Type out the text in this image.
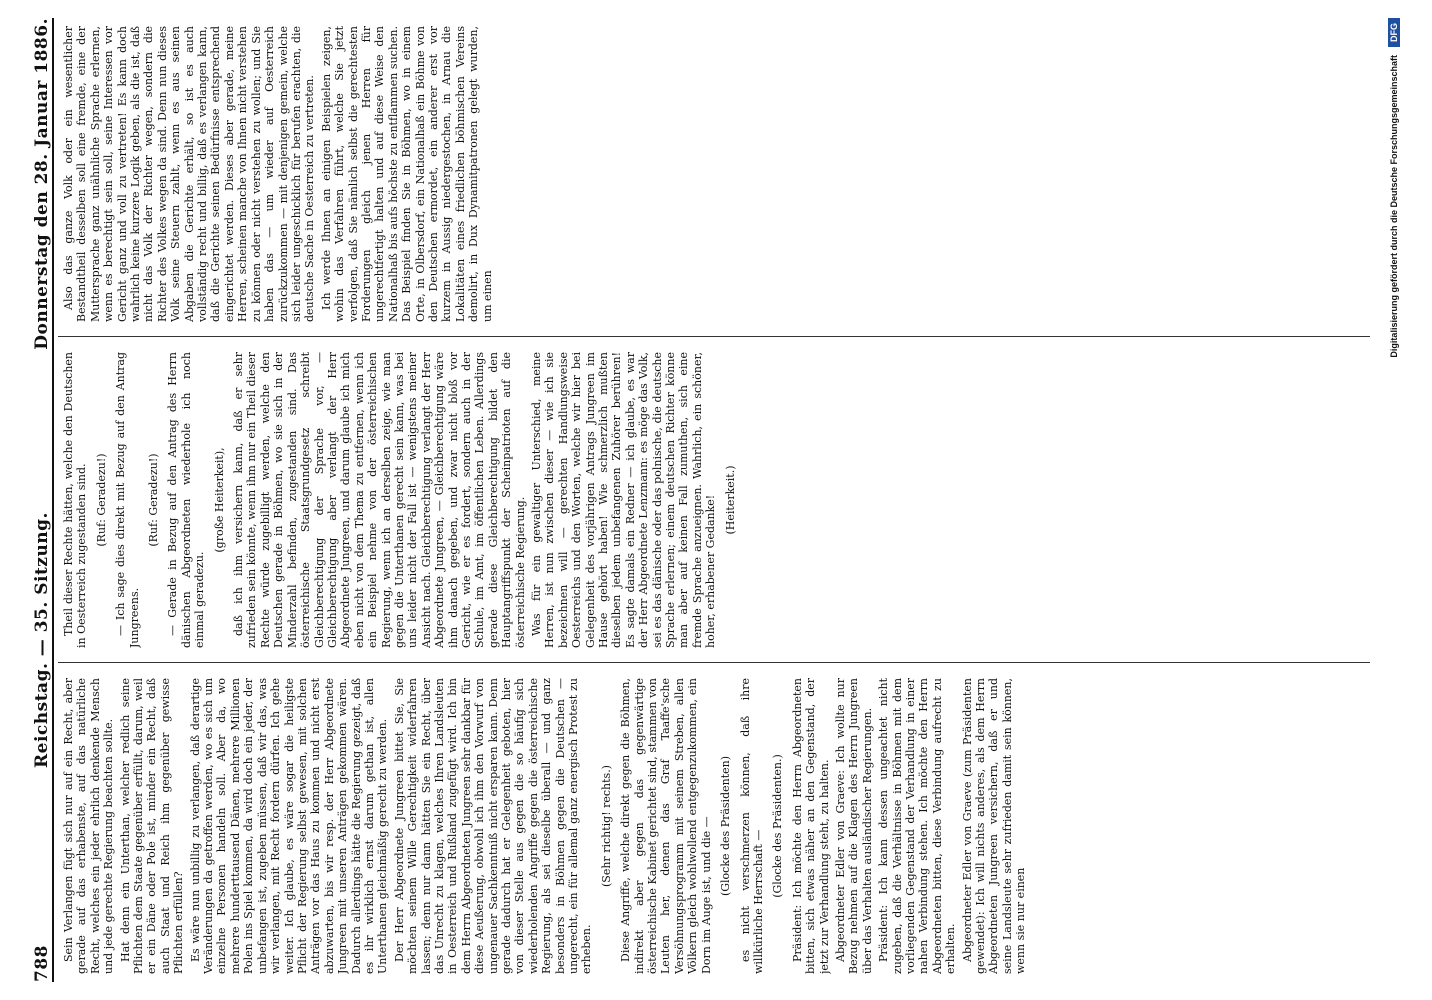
788
Reichstag. — 35. Sitzung.
Donnerstag den 28. Januar 1886.

Sein Verlangen fügt sich nur auf ein Recht, aber gerade auf das erhabenste, auf das natürliche Recht, welches ein jeder ehrlich denkende Mensch und jede gerechte Regierung beachten sollte. Hat denn ein Unterthan, welcher redlich seine Pflichten dem Staate gegenüber erfüllt, darum, weil er ein Däne oder Pole ist, minder ein Recht, daß auch Staat und Reich ihm gegenüber gewisse Pflichten erfüllen? Es wäre nun unbillig zu verlangen, daß derartige Veränderungen da getroffen werden, wo es sich um einzelne Personen handeln soll. Aber da, wo mehrere hunderttausend Dänen, mehrere Millionen Polen ins Spiel kommen, da wird doch ein jeder, der unbefangen ist, zugeben müssen, daß wir das, was wir verlangen, mit Recht fordern dürfen. Ich gehe weiter. Ich glaube, es wäre sogar die heiligste Pflicht der Regierung selbst gewesen, mit solchen Anträgen vor das Haus zu kommen und nicht erst abzuwarten, bis wir resp. der Herr Abgeordnete Jungreen mit unseren Anträgen gekommen wären. Dadurch allerdings hätte die Regierung gezeigt, daß es ihr wirklich ernst darum gethan ist, allen Unterthanen gleichmäßig gerecht zu werden. Der Herr Abgeordnete Jungreen bittet Sie, Sie möchten seinem Wille Gerechtigkeit widerfahren lassen; denn nur dann hätten Sie ein Recht, über das Unrecht zu klagen, welches Ihren Landsleuten in Oesterreich und Rußland zugefügt wird. Ich bin dem Herrn Abgeordneten Jungreen sehr dankbar für diese Aeußerung, obwohl ich ihm den Vorwurf von ungenauer Sachkenntniß nicht ersparen kann. Denn gerade dadurch hat er Gelegenheit geboten, hier von dieser Stelle aus gegen die so häufig sich wiederholenden Angriffe gegen die österreichische Regierung, als sei dieselbe überall — und ganz besonders in Böhmen gegen die Deutschen — ungerecht, ein für allemal ganz energisch Protest zu erheben.

(Sehr richtig! rechts.) Diese Angriffe, welche direkt gegen die Böhmen, indirekt aber gegen das gegenwärtige österreichische Kabinet gerichtet sind, stammen von Leuten her, denen das Graf Taaffe'sche Versöhnungsprogramm mit seinem Streben, allen Völkern gleich wohlwollend entgegenzukommen, ein Dorn im Auge ist, und die — (Glocke des Präsidenten) es nicht verschmerzen können, daß ihre willkürliche Herrschaft —

(Glocke des Präsidenten.) Präsident: Ich möchte den Herrn Abgeordneten bitten, sich etwas näher an den Gegenstand, der jetzt zur Verhandlung steht, zu halten. Abgeordneter Edler von Graeve: Ich wollte nur Bezug nehmen auf die Klagen des Herrn Jungreen über das Verhalten ausländischer Regierungen. Präsident: Ich kann dessen ungeachtet nicht zugeben, daß die Verhältnisse in Böhmen mit dem vorliegenden Gegenstand der Verhandlung in einer nahen Verbindung stehen. Ich möchte den Herrn Abgeordneten bitten, diese Verbindung aufrecht zu erhalten. Abgeordneter Edler von Graeve (zum Präsidenten gewendet): Ich will nichts anderes, als dem Herrn Abgeordneten Jungreen versichern, daß er und seine Landsleute sehr zufrieden damit sein können, wenn sie nur einen

Theil dieser Rechte hätten, welche den Deutschen in Oesterreich zugestanden sind. (Ruf: Geradezu!) — Ich sage dies direkt mit Bezug auf den Antrag Jungreens.

(Ruf: Geradezu!) — Gerade in Bezug auf den Antrag des Herrn dänischen Abgeordneten wiederhole ich noch einmal geradezu.

(große Heiterkeit), daß ich ihm versichern kann, daß er sehr zufrieden sein könnte, wenn ihm nur ein Theil dieser Rechte würde zugebilligt werden, welche den Deutschen gerade in Böhmen, wo sie sich in der Minderzahl befinden, zugestanden sind. Das österreichische Staatsgrundgesetz schreibt Gleichberechtigung der Sprache vor, — Gleichberechtigung aber verlangt der Herr Abgeordnete Jungreen, und darum glaube ich mich eben nicht von dem Thema zu entfernen, wenn ich ein Beispiel nehme von der österreichischen Regierung, wenn ich an derselben zeige, wie man gegen die Unterthanen gerecht sein kann, was bei uns leider nicht der Fall ist — wenigstens meiner Ansicht nach. Gleichberechtigung verlangt der Herr Abgeordnete Jungreen, — Gleichberechtigung wäre ihm danach gegeben, und zwar nicht bloß vor Gericht, wie er es fordert, sondern auch in der Schule, im Amt, im öffentlichen Leben. Allerdings gerade diese Gleichberechtigung bildet den Hauptangriffspunkt der Scheinpatrioten auf die österreichische Regierung. Was für ein gewaltiger Unterschied, meine Herren, ist nun zwischen dieser — wie ich sie bezeichnen will — gerechten Handlungsweise Oesterreichs und den Worten, welche wir hier bei Gelegenheit des vorjährigen Antrags Jungreen im Hause gehört haben! Wie schmerzlich mußten dieselben jedem unbefangenen Zuhörer berühren! Es sagte damals ein Redner — ich glaube, es war der Herr Abgeordnete Lenzmann: es möge das Volk, sei es das dänische oder das polnische, die deutsche Sprache erlernen; einem deutschen Richter könne man aber auf keinen Fall zumuthen, sich eine fremde Sprache anzueignen. Wahrlich, ein schöner, hoher, erhabener Gedanke! (Heiterkeit.)

Also das ganze Volk oder ein wesentlicher Bestandtheil desselben soll eine fremde, eine der Muttersprache ganz unähnliche Sprache erlernen, wenn es berechtigt sein soll, seine Interessen vor Gericht ganz und voll zu vertreten! Es kann doch wahrlich keine kurzere Logik geben, als die ist, daß nicht das Volk der Richter wegen, sondern die Richter des Volkes wegen da sind. Denn nun dieses Volk seine Steuern zahlt, wenn es aus seinen Abgaben die Gerichte erhält, so ist es auch vollständig recht und billig, daß es verlangen kann, daß die Gerichte seinen Bedürfnisse entsprechend eingerichtet werden. Dieses aber gerade, meine Herren, scheinen manche von Ihnen nicht verstehen zu können oder nicht verstehen zu wollen; und Sie haben das — um wieder auf Oesterreich zurückzukommen — mit denjenigen gemein, welche sich leider ungeschicklich für berufen erachten, die deutsche Sache in Oesterreich zu vertreten. Ich werde Ihnen an einigen Beispielen zeigen, wohin das Verfahren führt, welche Sie jetzt verfolgen, daß Sie nämlich selbst die gerechtesten Forderungen gleich jenen Herren für ungerechtfertigt halten und auf diese Weise den Nationalhaß bis aufs höchste zu entflammen suchen. Das Beispiel finden Sie in Böhmen, wo in einem Orte, in Olbersdorf, ein Nationalhaß ein Böhme von den Deutschen ermordet, ein anderer erst vor kurzem in Aussig niedergestochen, in Arnau die Lokalitäten eines friedlichen böhmischen Vereins demolirt, in Dux Dynamitpatronen gelegt wurden, um einen	Digitalisierung gefördert durch die Deutsche Forschungsgemeinschaft
DFG
